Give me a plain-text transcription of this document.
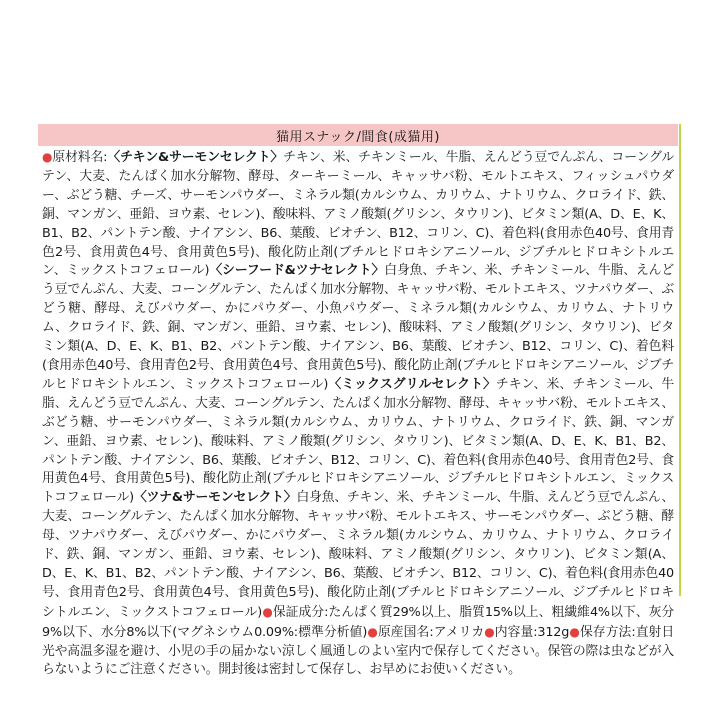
猫用スナック/間食(成猫用)
●原材料名:〈チキン&サーモンセレクト〉チキン、米、チキンミール、牛脂、えんどう豆でんぷん、コーングルテン、大麦、たんぱく加水分解物、酵母、ターキーミール、キャッサバ粉、モルトエキス、フィッシュパウダー、ぶどう糖、チーズ、サーモンパウダー、ミネラル類(カルシウム、カリウム、ナトリウム、クロライド、鉄、銅、マンガン、亜鉛、ヨウ素、セレン)、酸味料、アミノ酸類(グリシン、タウリン)、ビタミン類(A、D、E、K、B1、B2、パントテン酸、ナイアシン、B6、葉酸、ビオチン、B12、コリン、C)、着色料(食用赤色40号、食用青色2号、食用黄色4号、食用黄色5号)、酸化防止剤(ブチルヒドロキシアニソール、ジブチルヒドロキシトルエン、ミックストコフェロール)〈シーフード&ツナセレクト〉白身魚、チキン、米、チキンミール、牛脂、えんどう豆でんぷん、大麦、コーングルテン、たんぱく加水分解物、キャッサバ粉、モルトエキス、ツナパウダー、ぶどう糖、酵母、えびパウダー、かにパウダー、小魚パウダー、ミネラル類(カルシウム、カリウム、ナトリウム、クロライド、鉄、銅、マンガン、亜鉛、ヨウ素、セレン)、酸味料、アミノ酸類(グリシン、タウリン)、ビタミン類(A、D、E、K、B1、B2、パントテン酸、ナイアシン、B6、葉酸、ビオチン、B12、コリン、C)、着色料(食用赤色40号、食用青色2号、食用黄色4号、食用黄色5号)、酸化防止剤(ブチルヒドロキシアニソール、ジブチルヒドロキシトルエン、ミックストコフェロール)〈ミックスグリルセレクト〉チキン、米、チキンミール、牛脂、えんどう豆でんぷん、大麦、コーングルテン、たんぱく加水分解物、酵母、キャッサバ粉、モルトエキス、ぶどう糖、サーモンパウダー、ミネラル類(カルシウム、カリウム、ナトリウム、クロライド、鉄、銅、マンガン、亜鉛、ヨウ素、セレン)、酸味料、アミノ酸類(グリシン、タウリン)、ビタミン類(A、D、E、K、B1、B2、パントテン酸、ナイアシン、B6、葉酸、ビオチン、B12、コリン、C)、着色料(食用赤色40号、食用青色2号、食用黄色4号、食用黄色5号)、酸化防止剤(ブチルヒドロキシアニソール、ジブチルヒドロキシトルエン、ミックストコフェロール)〈ツナ&サーモンセレクト〉白身魚、チキン、米、チキンミール、牛脂、えんどう豆でんぷん、大麦、コーングルテン、たんぱく加水分解物、キャッサバ粉、モルトエキス、サーモンパウダー、ぶどう糖、酵母、ツナパウダー、えびパウダー、かにパウダー、ミネラル類(カルシウム、カリウム、ナトリウム、クロライド、鉄、銅、マンガン、亜鉛、ヨウ素、セレン)、酸味料、アミノ酸類(グリシン、タウリン)、ビタミン類(A、D、E、K、B1、B2、パントテン酸、ナイアシン、B6、葉酸、ビオチン、B12、コリン、C)、着色料(食用赤色40号、食用青色2号、食用黄色4号、食用黄色5号)、酸化防止剤(ブチルヒドロキシアニソール、ジブチルヒドロキシトルエン、ミックストコフェロール)●保証成分:たんぱく質29%以上、脂質15%以上、粗繊維4%以下、灰分9%以下、水分8%以下(マグネシウム0.09%:標準分析値)●原産国名:アメリカ●内容量:312g●保存方法:直射日光や高温多湿を避け、小児の手の届かない涼しく風通しのよい室内で保存してください。保管の際は虫などが入らないようにご注意ください。開封後は密封して保存し、お早めにお使いください。
